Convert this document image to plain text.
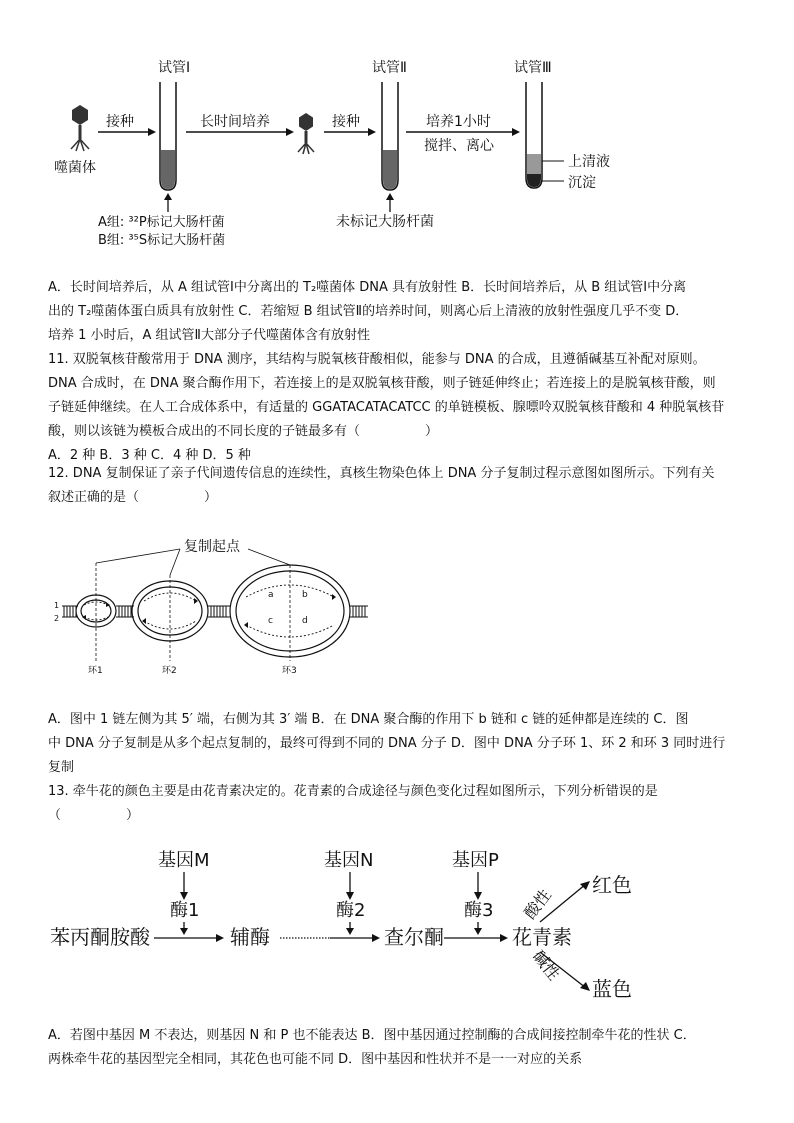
噬菌体
接种
试管Ⅰ
A组: ³²P标记大肠杆菌
B组: ³⁵S标记大肠杆菌
长时间培养	接种
试管Ⅱ
未标记大肠杆菌
培养1小时
搅拌、离心
试管Ⅲ
上清液
沉淀
A．长时间培养后，从 A 组试管Ⅰ中分离出的 T₂噬菌体 DNA 具有放射性 B．长时间培养后，从 B 组试管Ⅰ中分离
出的 T₂噬菌体蛋白质具有放射性 C．若缩短 B 组试管Ⅱ的培养时间，则离心后上清液的放射性强度几乎不变 D．
培养 1 小时后，A 组试管Ⅱ大部分子代噬菌体含有放射性
11. 双脱氧核苷酸常用于 DNA 测序，其结构与脱氧核苷酸相似，能参与 DNA 的合成，且遵循碱基互补配对原则。
DNA 合成时，在 DNA 聚合酶作用下，若连接上的是双脱氧核苷酸，则子链延伸终止；若连接上的是脱氧核苷酸，则
子链延伸继续。在人工合成体系中，有适量的 GGATACATACATCC 的单链模板、腺嘌呤双脱氧核苷酸和 4 种脱氧核苷
酸，则以该链为模板合成出的不同长度的子链最多有（　　　　　）
A．2 种 B．3 种 C．4 种 D．5 种
12. DNA 复制保证了亲子代间遗传信息的连续性，真核生物染色体上 DNA 分子复制过程示意图如图所示。下列有关
叙述正确的是（　　　　　）
复制起点
1
2
a	b
c	d
环1	环2	环3
A．图中 1 链左侧为其 5′ 端，右侧为其 3′ 端 B．在 DNA 聚合酶的作用下 b 链和 c 链的延伸都是连续的 C．图
中 DNA 分子复制是从多个起点复制的，最终可得到不同的 DNA 分子 D．图中 DNA 分子环 1、环 2 和环 3 同时进行
复制
13. 牵牛花的颜色主要是由花青素决定的。花青素的合成途径与颜色变化过程如图所示，下列分析错误的是
（　　　　　）
基因M	基因N	基因P
酶1	酶2	酶3
苯丙酮胺酸	辅酶	查尔酮	花青素
酸性
碱性
红色
蓝色
A．若图中基因 M 不表达，则基因 N 和 P 也不能表达 B．图中基因通过控制酶的合成间接控制牵牛花的性状 C．
两株牵牛花的基因型完全相同，其花色也可能不同 D．图中基因和性状并不是一一对应的关系
